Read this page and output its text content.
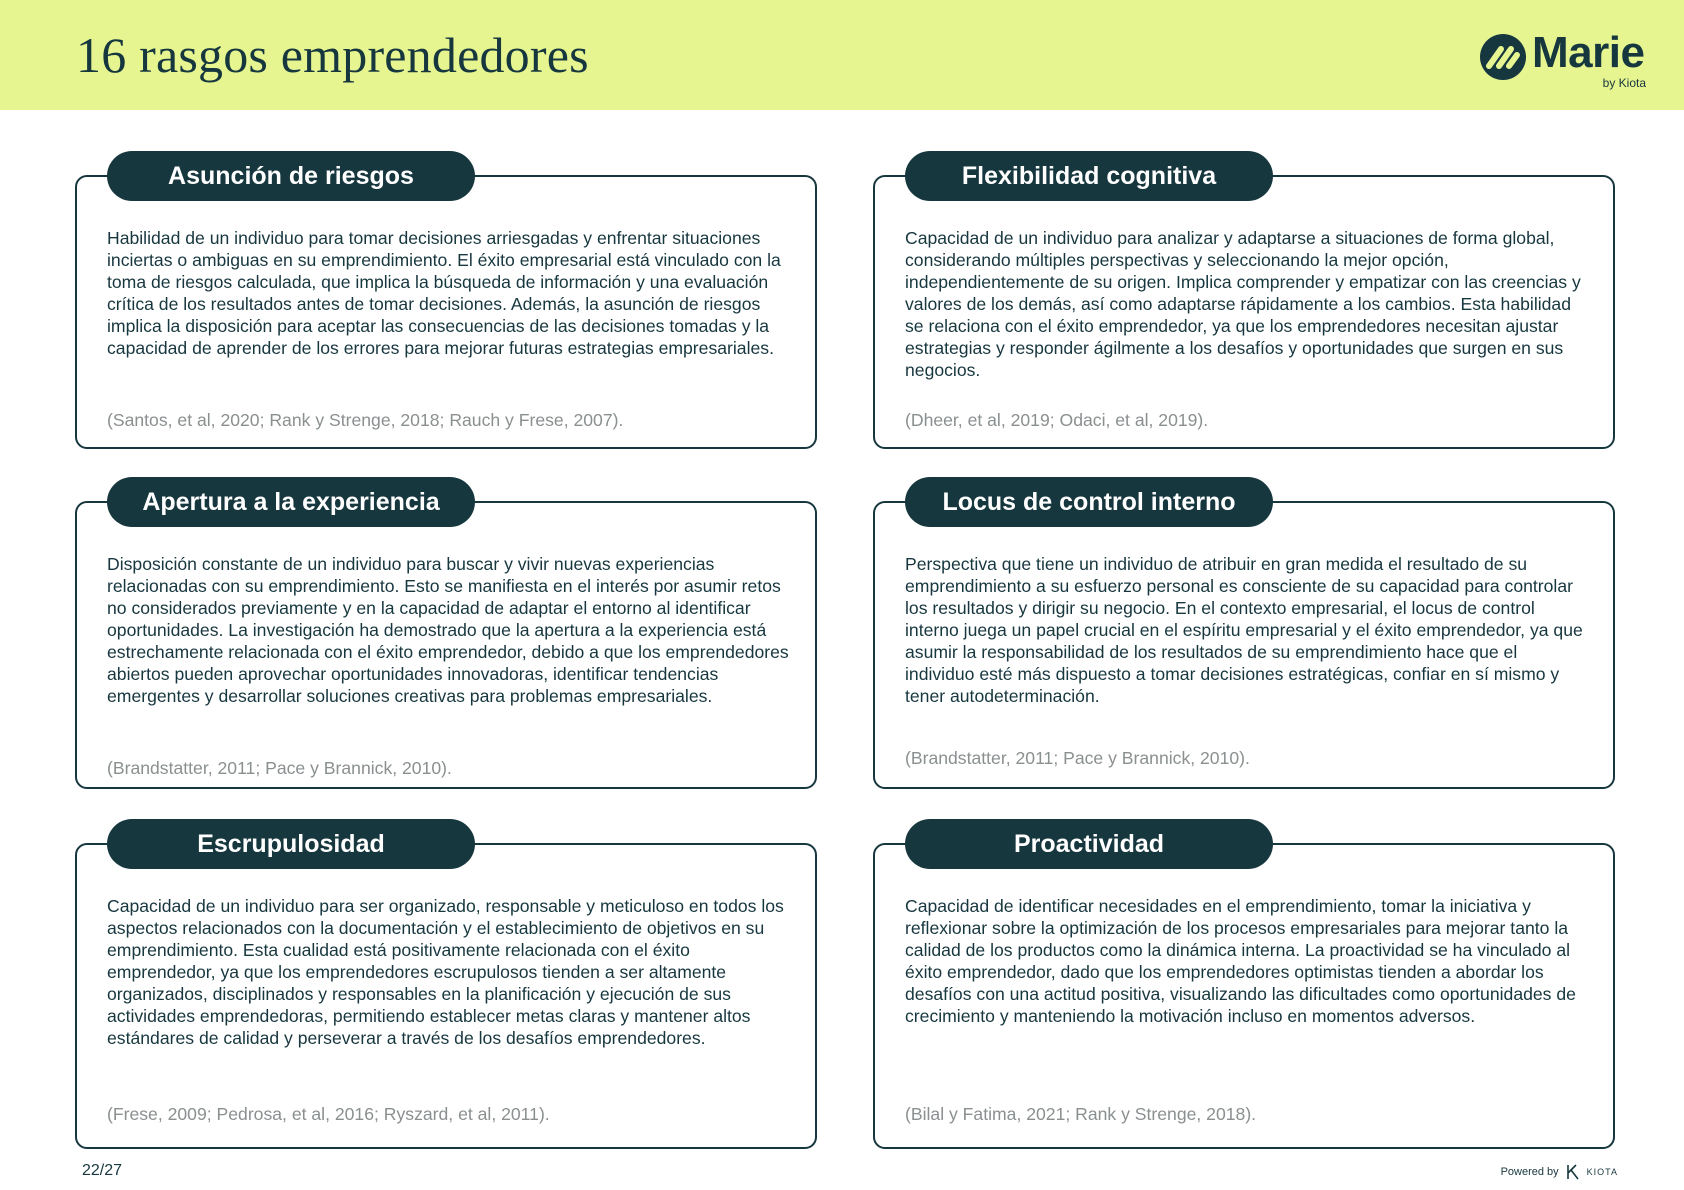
16 rasgos emprendedores	Marie
by Kiota
Asunción de riesgos
Habilidad de un individuo para tomar decisiones arriesgadas y enfrentar situaciones inciertas o ambiguas en su emprendimiento. El éxito empresarial está vinculado con la toma de riesgos calculada, que implica la búsqueda de información y una evaluación crítica de los resultados antes de tomar decisiones. Además, la asunción de riesgos implica la disposición para aceptar las consecuencias de las decisiones tomadas y la capacidad de aprender de los errores para mejorar futuras estrategias empresariales.
(Santos, et al, 2020; Rank y Strenge, 2018; Rauch y Frese, 2007).
Flexibilidad cognitiva
Capacidad de un individuo para analizar y adaptarse a situaciones de forma global, considerando múltiples perspectivas y seleccionando la mejor opción, independientemente de su origen. Implica comprender y empatizar con las creencias y valores de los demás, así como adaptarse rápidamente a los cambios. Esta habilidad se relaciona con el éxito emprendedor, ya que los emprendedores necesitan ajustar estrategias y responder ágilmente a los desafíos y oportunidades que surgen en sus negocios.
(Dheer, et al, 2019; Odaci, et al, 2019).
Apertura a la experiencia
Disposición constante de un individuo para buscar y vivir nuevas experiencias relacionadas con su emprendimiento. Esto se manifiesta en el interés por asumir retos no considerados previamente y en la capacidad de adaptar el entorno al identificar oportunidades. La investigación ha demostrado que la apertura a la experiencia está estrechamente relacionada con el éxito emprendedor, debido a que los emprendedores abiertos pueden aprovechar oportunidades innovadoras, identificar tendencias emergentes y desarrollar soluciones creativas para problemas empresariales.
(Brandstatter, 2011; Pace y Brannick, 2010).
Locus de control interno
Perspectiva que tiene un individuo de atribuir en gran medida el resultado de su emprendimiento a su esfuerzo personal es consciente de su capacidad para controlar los resultados y dirigir su negocio. En el contexto empresarial, el locus de control interno juega un papel crucial en el espíritu empresarial y el éxito emprendedor, ya que asumir la responsabilidad de los resultados de su emprendimiento hace que el individuo esté más dispuesto a tomar decisiones estratégicas, confiar en sí mismo y tener autodeterminación.
(Brandstatter, 2011; Pace y Brannick, 2010).
Escrupulosidad
Capacidad de un individuo para ser organizado, responsable y meticuloso en todos los aspectos relacionados con la documentación y el establecimiento de objetivos en su emprendimiento. Esta cualidad está positivamente relacionada con el éxito emprendedor, ya que los emprendedores escrupulosos tienden a ser altamente organizados, disciplinados y responsables en la planificación y ejecución de sus actividades emprendedoras, permitiendo establecer metas claras y mantener altos estándares de calidad y perseverar a través de los desafíos emprendedores.
(Frese, 2009; Pedrosa, et al, 2016; Ryszard, et al, 2011).
Proactividad
Capacidad de identificar necesidades en el emprendimiento, tomar la iniciativa y reflexionar sobre la optimización de los procesos empresariales para mejorar tanto la calidad de los productos como la dinámica interna. La proactividad se ha vinculado al éxito emprendedor, dado que los emprendedores optimistas tienden a abordar los desafíos con una actitud positiva, visualizando las dificultades como oportunidades de crecimiento y manteniendo la motivación incluso en momentos adversos.
(Bilal y Fatima, 2021; Rank y Strenge, 2018).
22/27	Powered by	KIOTA
